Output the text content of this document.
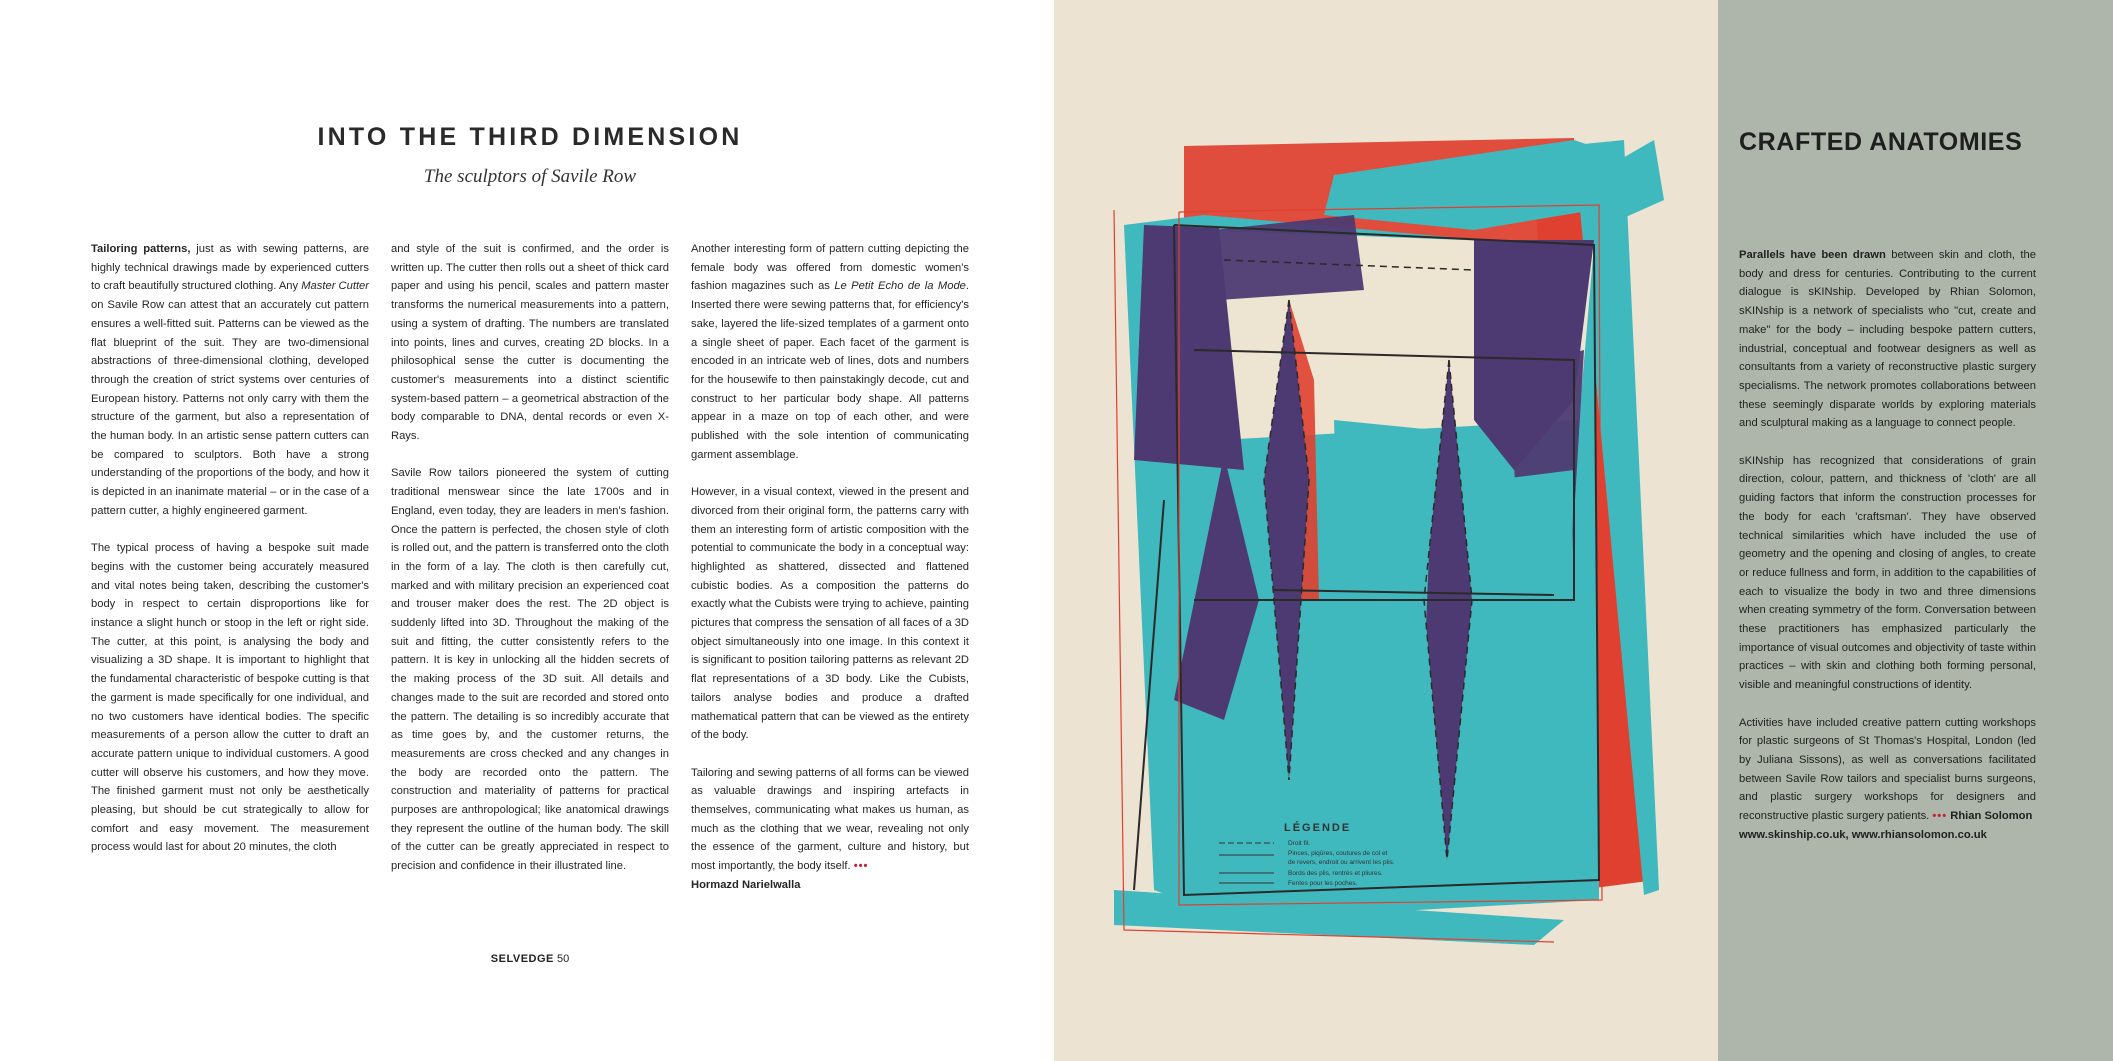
INTO THE THIRD DIMENSION
The sculptors of Savile Row

Tailoring patterns, just as with sewing patterns, are highly technical drawings made by experienced cutters to craft beautifully structured clothing. Any Master Cutter on Savile Row can attest that an accurately cut pattern ensures a well-fitted suit. Patterns can be viewed as the flat blueprint of the suit. They are two-dimensional abstractions of three-dimensional clothing, developed through the creation of strict systems over centuries of European history. Patterns not only carry with them the structure of the garment, but also a representation of the human body. In an artistic sense pattern cutters can be compared to sculptors. Both have a strong understanding of the proportions of the body, and how it is depicted in an inanimate material – or in the case of a pattern cutter, a highly engineered garment.

The typical process of having a bespoke suit made begins with the customer being accurately measured and vital notes being taken, describing the customer's body in respect to certain disproportions like for instance a slight hunch or stoop in the left or right side. The cutter, at this point, is analysing the body and visualizing a 3D shape. It is important to highlight that the fundamental characteristic of bespoke cutting is that the garment is made specifically for one individual, and no two customers have identical bodies. The specific measurements of a person allow the cutter to draft an accurate pattern unique to individual customers. A good cutter will observe his customers, and how they move. The finished garment must not only be aesthetically pleasing, but should be cut strategically to allow for comfort and easy movement. The measurement process would last for about 20 minutes, the cloth

and style of the suit is confirmed, and the order is written up. The cutter then rolls out a sheet of thick card paper and using his pencil, scales and pattern master transforms the numerical measurements into a pattern, using a system of drafting. The numbers are translated into points, lines and curves, creating 2D blocks. In a philosophical sense the cutter is documenting the customer's measurements into a distinct scientific system-based pattern – a geometrical abstraction of the body comparable to DNA, dental records or even X-Rays.

Savile Row tailors pioneered the system of cutting traditional menswear since the late 1700s and in England, even today, they are leaders in men's fashion. Once the pattern is perfected, the chosen style of cloth is rolled out, and the pattern is transferred onto the cloth in the form of a lay. The cloth is then carefully cut, marked and with military precision an experienced coat and trouser maker does the rest. The 2D object is suddenly lifted into 3D. Throughout the making of the suit and fitting, the cutter consistently refers to the pattern. It is key in unlocking all the hidden secrets of the making process of the 3D suit. All details and changes made to the suit are recorded and stored onto the pattern. The detailing is so incredibly accurate that as time goes by, and the customer returns, the measurements are cross checked and any changes in the body are recorded onto the pattern. The construction and materiality of patterns for practical purposes are anthropological; like anatomical drawings they represent the outline of the human body. The skill of the cutter can be greatly appreciated in respect to precision and confidence in their illustrated line.

Another interesting form of pattern cutting depicting the female body was offered from domestic women's fashion magazines such as Le Petit Echo de la Mode. Inserted there were sewing patterns that, for efficiency's sake, layered the life-sized templates of a garment onto a single sheet of paper. Each facet of the garment is encoded in an intricate web of lines, dots and numbers for the housewife to then painstakingly decode, cut and construct to her particular body shape. All patterns appear in a maze on top of each other, and were published with the sole intention of communicating garment assemblage.

However, in a visual context, viewed in the present and divorced from their original form, the patterns carry with them an interesting form of artistic composition with the potential to communicate the body in a conceptual way: highlighted as shattered, dissected and flattened cubistic bodies. As a composition the patterns do exactly what the Cubists were trying to achieve, painting pictures that compress the sensation of all faces of a 3D object simultaneously into one image. In this context it is significant to position tailoring patterns as relevant 2D flat representations of a 3D body. Like the Cubists, tailors analyse bodies and produce a drafted mathematical pattern that can be viewed as the entirety of the body.

Tailoring and sewing patterns of all forms can be viewed as valuable drawings and inspiring artefacts in themselves, communicating what makes us human, as much as the clothing that we wear, revealing not only the essence of the garment, culture and history, but most importantly, the body itself. •••
Hormazd Narielwalla

SELVEDGE 50
LÉGENDE
Droit fil.
Pinces, piqûres, coutures de col et
de revers, endroit ou arrivent les plis.
Bords des plis, rentrés et pliures.
Fentes pour les poches.
CRAFTED ANATOMIES

Parallels have been drawn between skin and cloth, the body and dress for centuries. Contributing to the current dialogue is sKINship. Developed by Rhian Solomon, sKINship is a network of specialists who "cut, create and make" for the body – including bespoke pattern cutters, industrial, conceptual and footwear designers as well as consultants from a variety of reconstructive plastic surgery specialisms. The network promotes collaborations between these seemingly disparate worlds by exploring materials and sculptural making as a language to connect people.

sKINship has recognized that considerations of grain direction, colour, pattern, and thickness of 'cloth' are all guiding factors that inform the construction processes for the body for each 'craftsman'. They have observed technical similarities which have included the use of geometry and the opening and closing of angles, to create or reduce fullness and form, in addition to the capabilities of each to visualize the body in two and three dimensions when creating symmetry of the form. Conversation between these practitioners has emphasized particularly the importance of visual outcomes and objectivity of taste within practices – with skin and clothing both forming personal, visible and meaningful constructions of identity.

Activities have included creative pattern cutting workshops for plastic surgeons of St Thomas's Hospital, London (led by Juliana Sissons), as well as conversations facilitated between Savile Row tailors and specialist burns surgeons, and plastic surgery workshops for designers and reconstructive plastic surgery patients. ••• Rhian Solomon
www.skinship.co.uk, www.rhiansolomon.co.uk
